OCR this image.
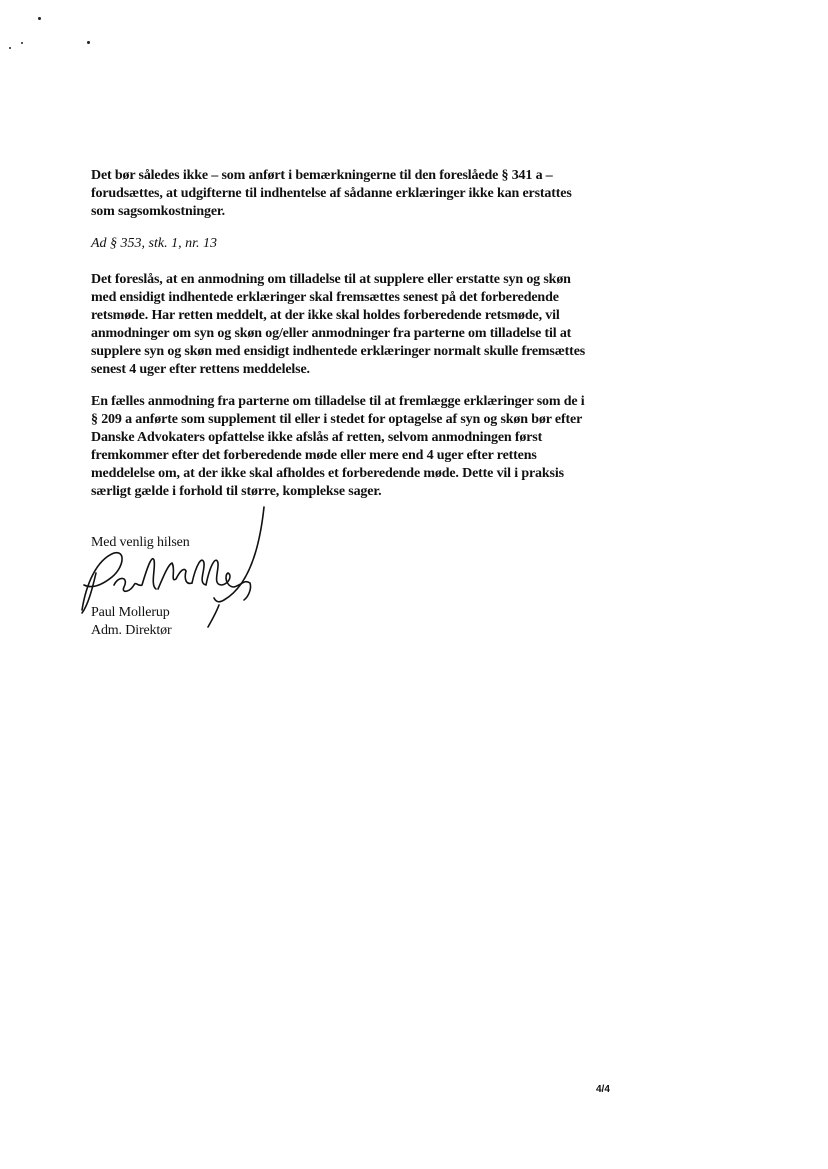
Det bør således ikke – som anført i bemærkningerne til den foreslåede § 341 a –
forudsættes, at udgifterne til indhentelse af sådanne erklæringer ikke kan erstattes
som sagsomkostninger.
Ad § 353, stk. 1, nr. 13
Det foreslås, at en anmodning om tilladelse til at supplere eller erstatte syn og skøn
med ensidigt indhentede erklæringer skal fremsættes senest på det forberedende
retsmøde. Har retten meddelt, at der ikke skal holdes forberedende retsmøde, vil
anmodninger om syn og skøn og/eller anmodninger fra parterne om tilladelse til at
supplere syn og skøn med ensidigt indhentede erklæringer normalt skulle fremsættes
senest 4 uger efter rettens meddelelse.
En fælles anmodning fra parterne om tilladelse til at fremlægge erklæringer som de i
§ 209 a anførte som supplement til eller i stedet for optagelse af syn og skøn bør efter
Danske Advokaters opfattelse ikke afslås af retten, selvom anmodningen først
fremkommer efter det forberedende møde eller mere end 4 uger efter rettens
meddelelse om, at der ikke skal afholdes et forberedende møde. Dette vil i praksis
særligt gælde i forhold til større, komplekse sager.
Med venlig hilsen
Paul Mollerup
Adm. Direktør
4/4
